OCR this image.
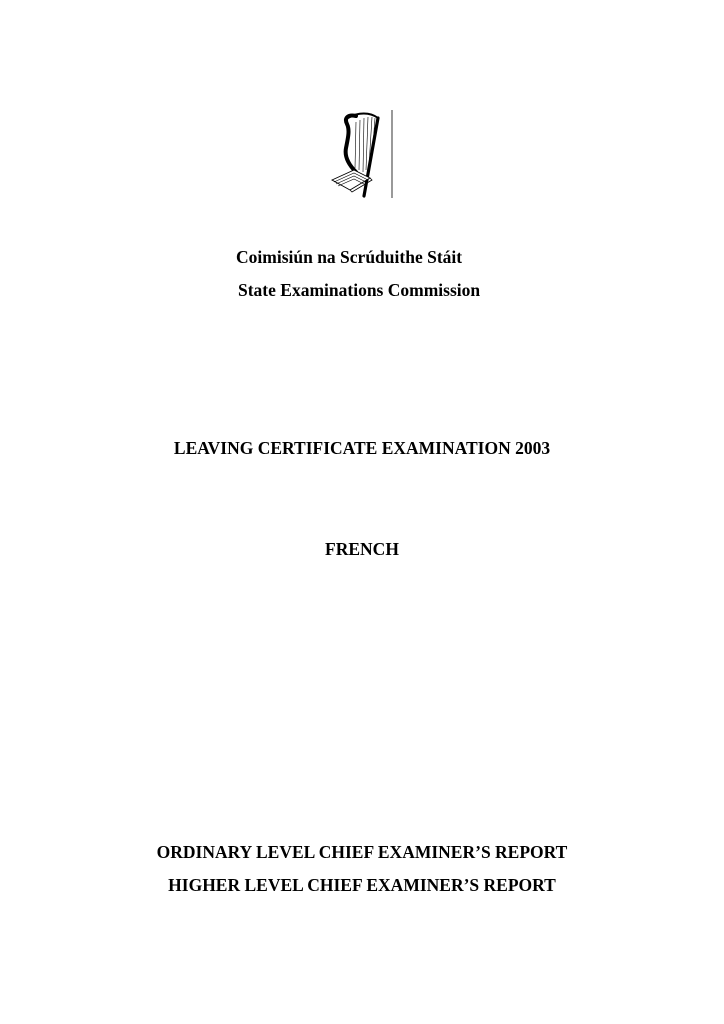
Coimisiún na Scrúduithe Stáit
State Examinations Commission
LEAVING CERTIFICATE EXAMINATION 2003
FRENCH
ORDINARY LEVEL CHIEF EXAMINER’S REPORT
HIGHER LEVEL CHIEF EXAMINER’S REPORT
